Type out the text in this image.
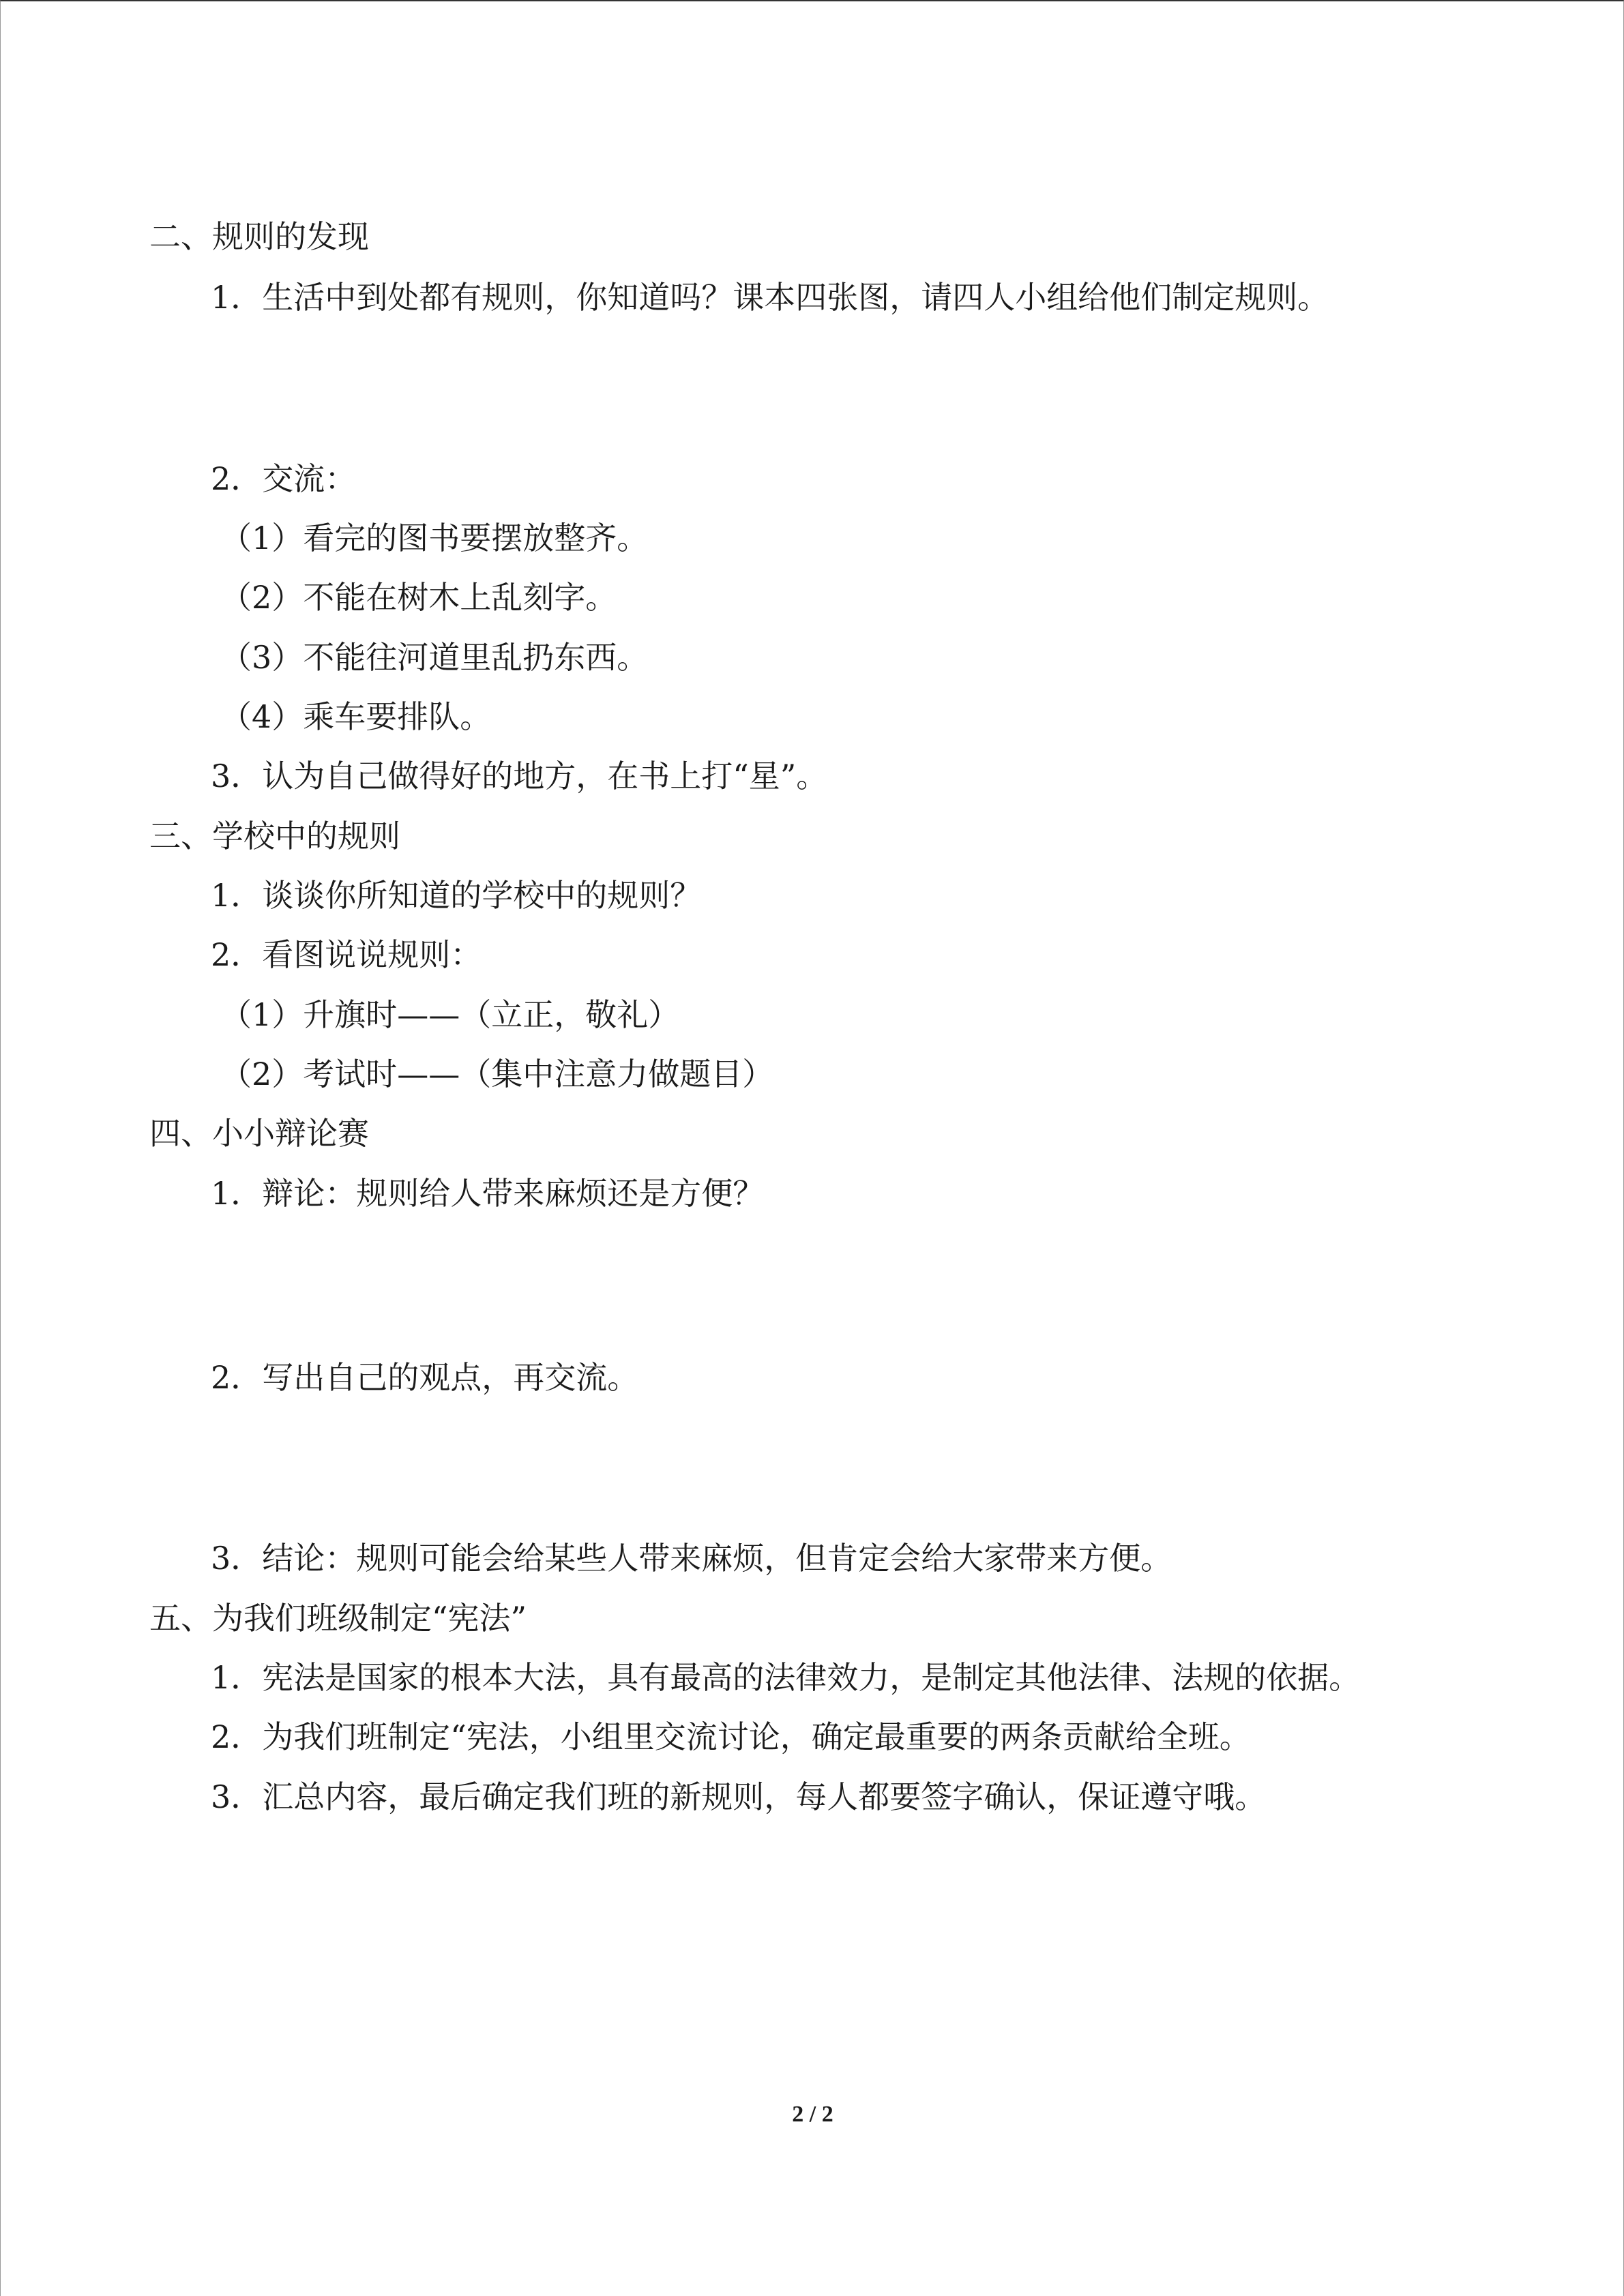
二、规则的发现
1．生活中到处都有规则，你知道吗？课本四张图，请四人小组给他们制定规则。
2．交流：
（1）看完的图书要摆放整齐。
（2）不能在树木上乱刻字。
（3）不能往河道里乱扔东西。
（4）乘车要排队。
3．认为自己做得好的地方，在书上打“星”。
三、学校中的规则
1．谈谈你所知道的学校中的规则？
2．看图说说规则：
（1）升旗时——（立正，敬礼）
（2）考试时——（集中注意力做题目）
四、小小辩论赛
1．辩论：规则给人带来麻烦还是方便？
2．写出自己的观点，再交流。
3．结论：规则可能会给某些人带来麻烦，但肯定会给大家带来方便。
五、为我们班级制定“宪法”
1．宪法是国家的根本大法，具有最高的法律效力，是制定其他法律、法规的依据。
2．为我们班制定“宪法，小组里交流讨论，确定最重要的两条贡献给全班。
3．汇总内容，最后确定我们班的新规则，每人都要签字确认，保证遵守哦。
2 / 2
